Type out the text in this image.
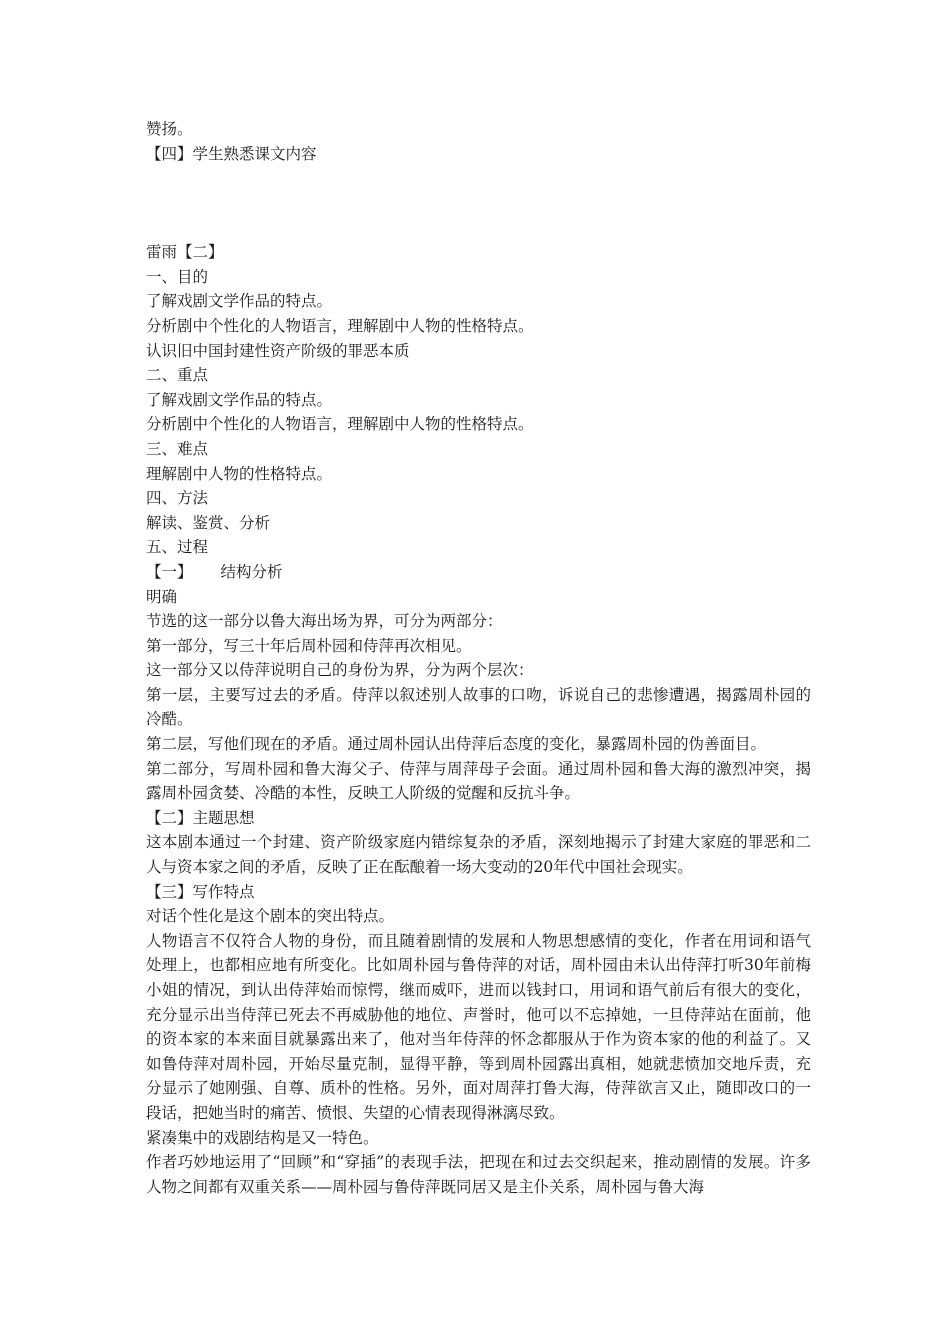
赞扬。
【四】学生熟悉课文内容
雷雨【二】
一、目的
了解戏剧文学作品的特点。
分析剧中个性化的人物语言，理解剧中人物的性格特点。
认识旧中国封建性资产阶级的罪恶本质
二、重点
了解戏剧文学作品的特点。
分析剧中个性化的人物语言，理解剧中人物的性格特点。
三、难点
理解剧中人物的性格特点。
四、方法
解读、鉴赏、分析
五、过程
【一】 结构分析
明确
节选的这一部分以鲁大海出场为界，可分为两部分：
第一部分，写三十年后周朴园和侍萍再次相见。
这一部分又以侍萍说明自己的身份为界，分为两个层次：
第一层，主要写过去的矛盾。侍萍以叙述别人故事的口吻，诉说自己的悲惨遭遇，揭露周朴园的冷酷。
第二层，写他们现在的矛盾。通过周朴园认出侍萍后态度的变化，暴露周朴园的伪善面目。
第二部分，写周朴园和鲁大海父子、侍萍与周萍母子会面。通过周朴园和鲁大海的激烈冲突，揭露周朴园贪婪、冷酷的本性，反映工人阶级的觉醒和反抗斗争。
【二】主题思想
这本剧本通过一个封建、资产阶级家庭内错综复杂的矛盾，深刻地揭示了封建大家庭的罪恶和二人与资本家之间的矛盾，反映了正在酝酿着一场大变动的20年代中国社会现实。
【三】写作特点
对话个性化是这个剧本的突出特点。
人物语言不仅符合人物的身份，而且随着剧情的发展和人物思想感情的变化，作者在用词和语气处理上，也都相应地有所变化。比如周朴园与鲁侍萍的对话，周朴园由未认出侍萍打听30年前梅小姐的情况，到认出侍萍始而惊愕，继而威吓，进而以钱封口，用词和语气前后有很大的变化，充分显示出当侍萍已死去不再威胁他的地位、声誉时，他可以不忘掉她，一旦侍萍站在面前，他的资本家的本来面目就暴露出来了，他对当年侍萍的怀念都服从于作为资本家的他的利益了。又如鲁侍萍对周朴园，开始尽量克制，显得平静，等到周朴园露出真相，她就悲愤加交地斥责，充分显示了她刚强、自尊、质朴的性格。另外，面对周萍打鲁大海，侍萍欲言又止，随即改口的一段话，把她当时的痛苦、愤恨、失望的心情表现得淋漓尽致。
紧凑集中的戏剧结构是又一特色。
作者巧妙地运用了“回顾”和“穿插”的表现手法，把现在和过去交织起来，推动剧情的发展。许多人物之间都有双重关系——周朴园与鲁侍萍既同居又是主仆关系，周朴园与鲁大海
